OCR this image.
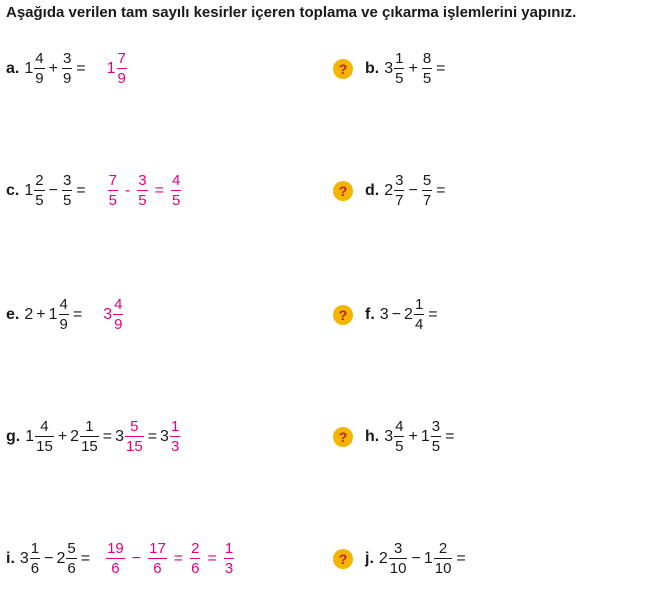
Aşağıda verilen tam sayılı kesirler içeren toplama ve çıkarma işlemlerini yapınız.
a. $1 \frac{4}{9} + \frac{3}{9} = 1 \frac{7}{9}$	?	b. $3 \frac{1}{5} + \frac{8}{5}$ =
c. $1 \frac{2}{5} - \frac{3}{5} = \frac{7}{5} - \frac{3}{5} = \frac{4}{5}$	?	d. $2 \frac{3}{7} - \frac{5}{7}$ =
e. $2 + 1 \frac{4}{9} = 3 \frac{4}{9}$	?	f. $3 - 2 \frac{1}{4}$ =
g. $1 \frac{4}{15} + 2 \frac{1}{15} = 3 \frac{5}{15} = 3 \frac{1}{3}$	?	h. $3 \frac{4}{5} + 1 \frac{3}{5}$ =
i. $3 \frac{1}{6} - 2 \frac{5}{6} = \frac{19}{6} - \frac{17}{6} = \frac{2}{6} = \frac{1}{3}$	?	j. $2 \frac{3}{10} - 1 \frac{2}{10}$ =
